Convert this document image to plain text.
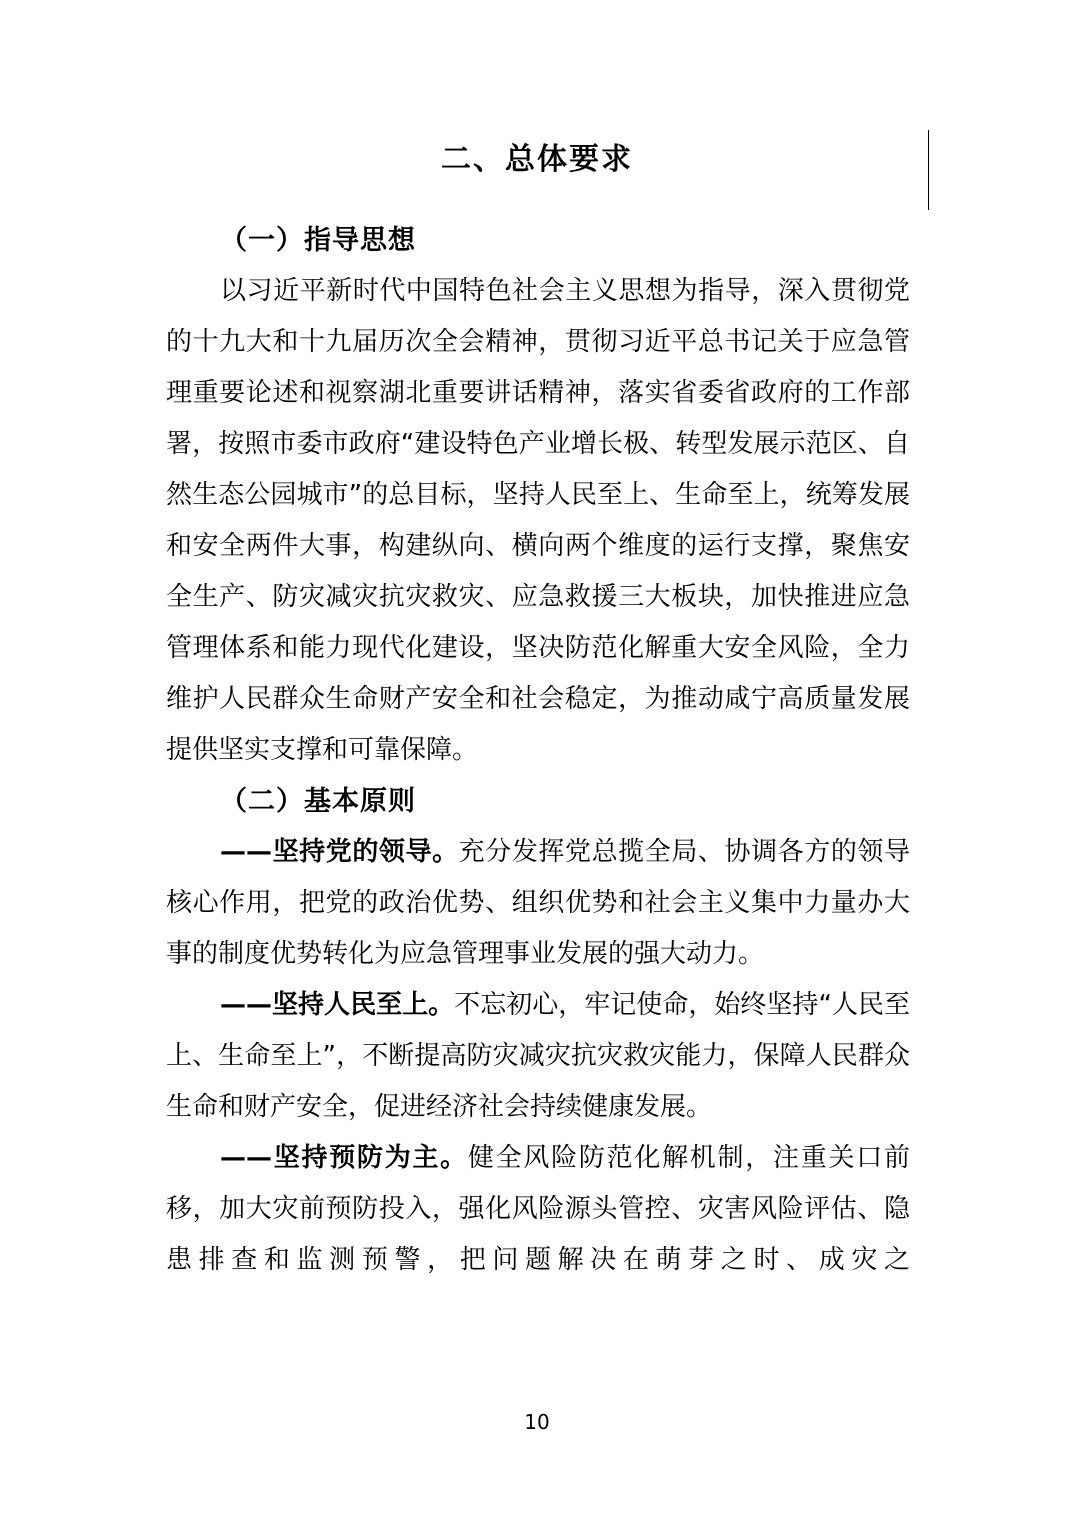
二、总体要求
（一）指导思想

以习近平新时代中国特色社会主义思想为指导，深入贯彻党的十九大和十九届历次全会精神，贯彻习近平总书记关于应急管理重要论述和视察湖北重要讲话精神，落实省委省政府的工作部署，按照市委市政府“建设特色产业增长极、转型发展示范区、自然生态公园城市”的总目标，坚持人民至上、生命至上，统筹发展和安全两件大事，构建纵向、横向两个维度的运行支撑，聚焦安全生产、防灾减灾抗灾救灾、应急救援三大板块，加快推进应急管理体系和能力现代化建设，坚决防范化解重大安全风险，全力维护人民群众生命财产安全和社会稳定，为推动咸宁高质量发展提供坚实支撑和可靠保障。

（二）基本原则

——坚持党的领导。充分发挥党总揽全局、协调各方的领导核心作用，把党的政治优势、组织优势和社会主义集中力量办大事的制度优势转化为应急管理事业发展的强大动力。

——坚持人民至上。不忘初心，牢记使命，始终坚持“人民至上、生命至上”，不断提高防灾减灾抗灾救灾能力，保障人民群众生命和财产安全，促进经济社会持续健康发展。

——坚持预防为主。健全风险防范化解机制，注重关口前移，加大灾前预防投入，强化风险源头管控、灾害风险评估、隐患排查和监测预警，把问题解决在萌芽之时、成灾之

10
